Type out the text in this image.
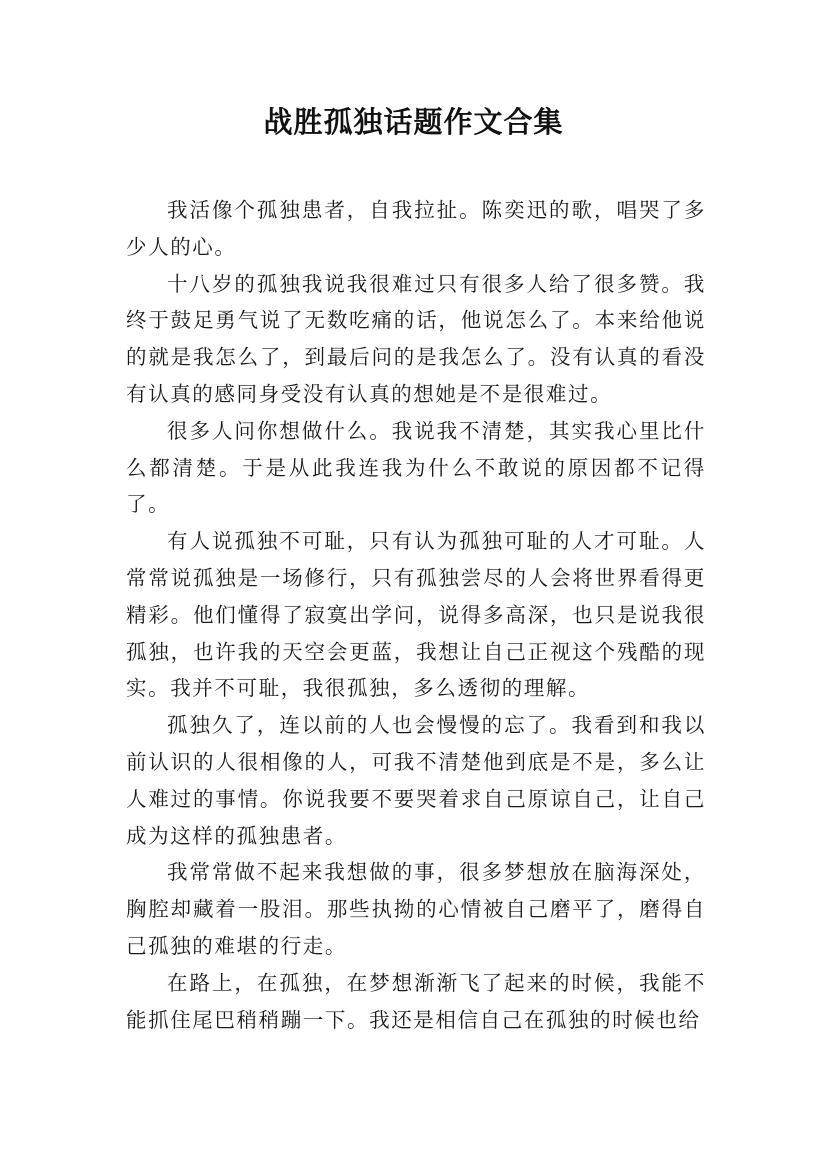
战胜孤独话题作文合集

我活像个孤独患者，自我拉扯。陈奕迅的歌，唱哭了多少人的心。

十八岁的孤独我说我很难过只有很多人给了很多赞。我终于鼓足勇气说了无数吃痛的话，他说怎么了。本来给他说的就是我怎么了，到最后问的是我怎么了。没有认真的看没有认真的感同身受没有认真的想她是不是很难过。

很多人问你想做什么。我说我不清楚，其实我心里比什么都清楚。于是从此我连我为什么不敢说的原因都不记得了。

有人说孤独不可耻，只有认为孤独可耻的人才可耻。人常常说孤独是一场修行，只有孤独尝尽的人会将世界看得更精彩。他们懂得了寂寞出学问，说得多高深，也只是说我很孤独，也许我的天空会更蓝，我想让自己正视这个残酷的现实。我并不可耻，我很孤独，多么透彻的理解。

孤独久了，连以前的人也会慢慢的忘了。我看到和我以前认识的人很相像的人，可我不清楚他到底是不是，多么让人难过的事情。你说我要不要哭着求自己原谅自己，让自己成为这样的孤独患者。

我常常做不起来我想做的事，很多梦想放在脑海深处，胸腔却藏着一股泪。那些执拗的心情被自己磨平了，磨得自己孤独的难堪的行走。

在路上，在孤独，在梦想渐渐飞了起来的时候，我能不能抓住尾巴稍稍蹦一下。我还是相信自己在孤独的时候也给
